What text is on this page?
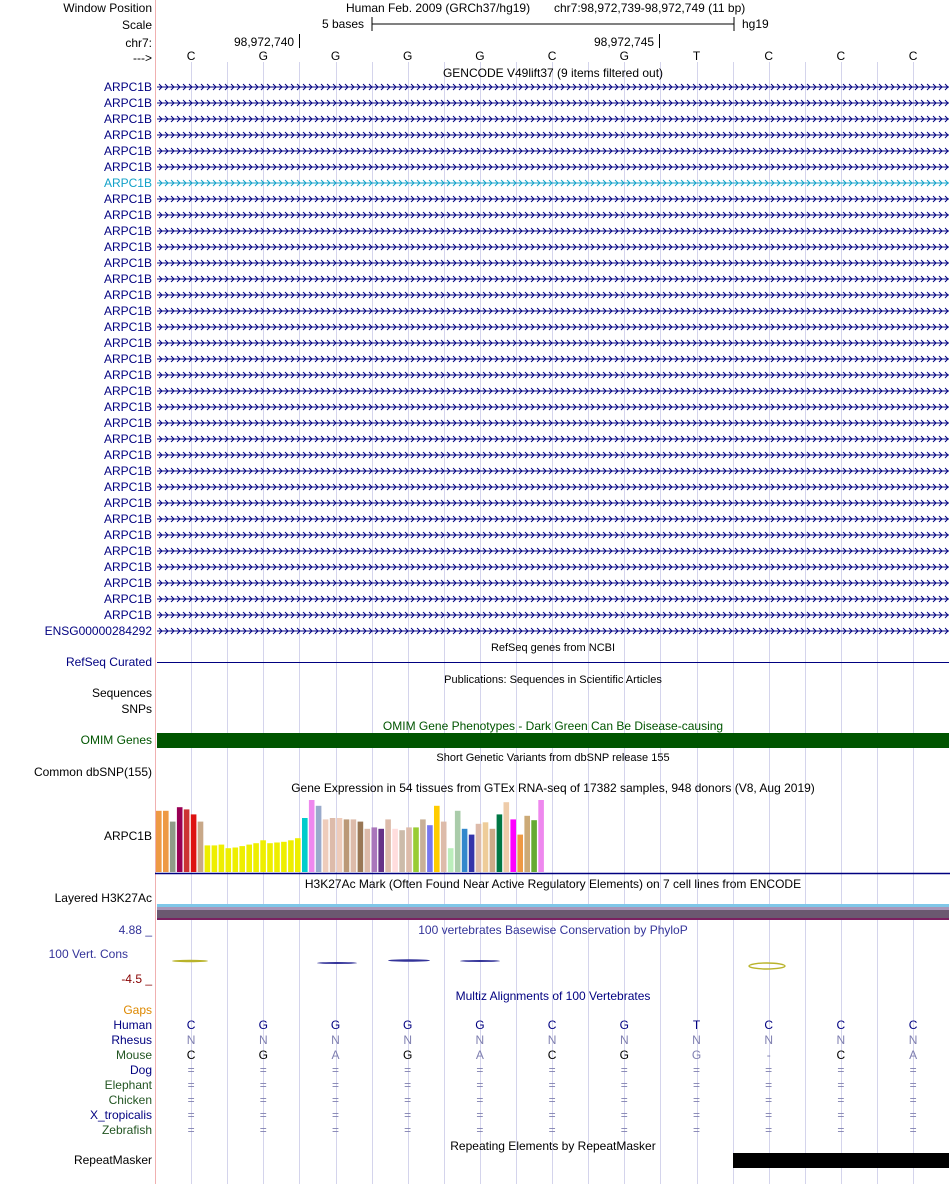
Window Position	Human Feb. 2009 (GRCh37/hg19) chr7:98,972,739-98,972,749 (11 bp)
Scale	5 bases	hg19
chr7:	98,972,740	98,972,745
--->	C	G	G	G	G	C	G	T	C	C	C
GENCODE V49lift37 (9 items filtered out)
ARPC1B
ARPC1B
ARPC1B
ARPC1B
ARPC1B
ARPC1B
ARPC1B
ARPC1B
ARPC1B
ARPC1B
ARPC1B
ARPC1B
ARPC1B
ARPC1B
ARPC1B
ARPC1B
ARPC1B
ARPC1B
ARPC1B
ARPC1B
ARPC1B
ARPC1B
ARPC1B
ARPC1B
ARPC1B
ARPC1B
ARPC1B
ARPC1B
ARPC1B
ARPC1B
ARPC1B
ARPC1B
ARPC1B
ARPC1B
ENSG00000284292
RefSeq genes from NCBI
RefSeq Curated
Publications: Sequences in Scientific Articles
Sequences
SNPs
OMIM Gene Phenotypes - Dark Green Can Be Disease-causing
OMIM Genes
Short Genetic Variants from dbSNP release 155
Common dbSNP(155)
Gene Expression in 54 tissues from GTEx RNA-seq of 17382 samples, 948 donors (V8, Aug 2019)
ARPC1B
H3K27Ac Mark (Often Found Near Active Regulatory Elements) on 7 cell lines from ENCODE
Layered H3K27Ac
100 vertebrates Basewise Conservation by PhyloP
4.88 _
100 Vert. Cons
-4.5 _
Multiz Alignments of 100 Vertebrates
Gaps
Human	C	G	G	G	G	C	G	T	C	C	C
Rhesus	N	N	N	N	N	N	N	N	N	N	N
Mouse	C	G	A	G	A	C	G	G	-	C	A
Dog	=	=	=	=	=	=	=	=	=	=	=
Elephant	=	=	=	=	=	=	=	=	=	=	=
Chicken	=	=	=	=	=	=	=	=	=	=	=
X_tropicalis	=	=	=	=	=	=	=	=	=	=	=
Zebrafish	=	=	=	=	=	=	=	=	=	=	=
Repeating Elements by RepeatMasker
RepeatMasker
